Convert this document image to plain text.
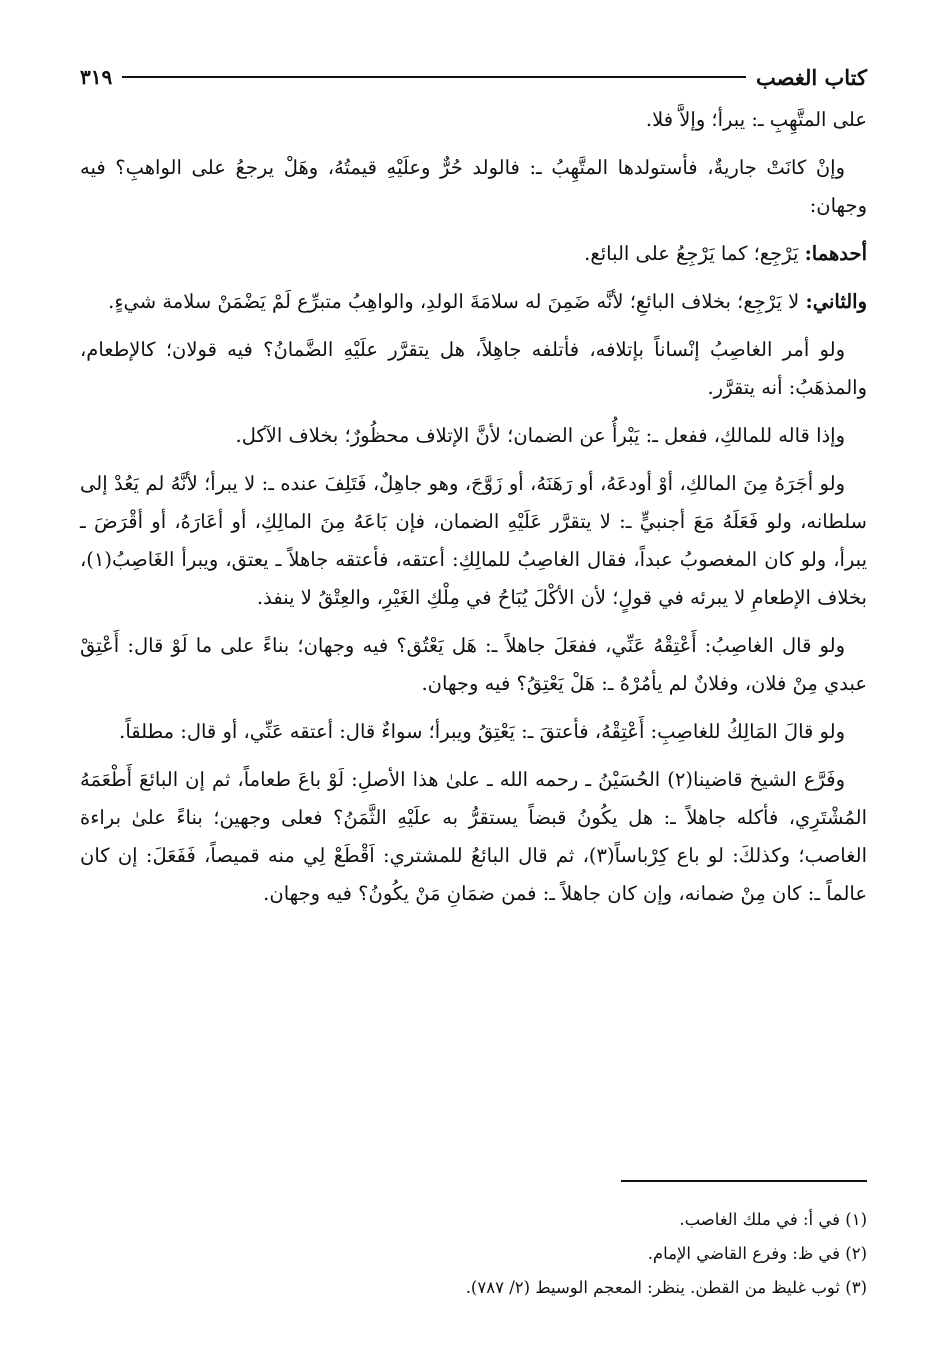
كتاب الغصب
٣١٩

على المتَّهِبِ ـ: يبرأ؛ وإلاَّ فلا.

وإنْ كانَتْ جاريةٌ، فأستولدها المتَّهِبُ ـ: فالولد حُرٌّ وعلَيْهِ قيمتُهُ، وهَلْ يرجعُ على الواهبِ؟ فيه وجهان:

أحدهما: يَرْجِع؛ كما يَرْجِعُ على البائع.

والثاني: لا يَرْجِع؛ بخلاف البائعِ؛ لأنَّه ضَمِنَ له سلامَةَ الولدِ، والواهِبُ متبرِّع لَمْ يَضْمَنْ سلامة شيءٍ.

ولو أمر الغاصِبُ إنْساناً بإتلافه، فأتلفه جاهِلاً، هل يتقرَّر علَيْهِ الضَّمانُ؟ فيه قولان؛ كالإطعام، والمذهَبُ: أنه يتقرَّر.

وإذا قاله للمالكِ، ففعل ـ: يَبْرأُ عن الضمان؛ لأنَّ الإتلاف محظُورٌ؛ بخلاف الآكل.

ولو أجَرَهُ مِنَ المالكِ، أوْ أودعَهُ، أو رَهَنَهُ، أو زَوَّجَ، وهو جاهِلٌ، فَتَلِفَ عنده ـ: لا يبرأ؛ لأنَّهُ لم يَعُدْ إلى سلطانه، ولو فَعَلَهُ مَعَ أجنبيٍّ ـ: لا يتقرَّر عَلَيْهِ الضمان، فإن بَاعَهُ مِنَ المالِكِ، أو أعَارَهُ، أو أقْرَضَ ـ يبرأ، ولو كان المغصوبُ عبداً، فقال الغاصِبُ للمالِكِ: أعتقه، فأعتقه جاهلاً ـ يعتق، ويبرأ الغَاصِبُ(١)، بخلاف الإطعامِ لا يبرئه في قولٍ؛ لأن الأكْلَ يُبَاحُ في مِلْكِ الغَيْرِ، والعِتْقُ لا ينفذ.

ولو قال الغاصِبُ: أَعْتِقْهُ عَنِّي، ففعَلَ جاهلاً ـ: هَل يَعْتُق؟ فيه وجهان؛ بناءً على ما لَوْ قال: أَعْتِقْ عبدي مِنْ فلان، وفلانٌ لم يأمُرْهُ ـ: هَلْ يَعْتِقُ؟ فيه وجهان.

ولو قالَ المَالِكُ للغاصِبِ: أَعْتِقْهُ، فأعتقَ ـ: يَعْتِقُ ويبرأ؛ سواءٌ قال: أعتقه عَنِّي، أو قال: مطلقاً.

وفَرَّع الشيخ قاضينا(٢) الحُسَيْنُ ـ رحمه الله ـ علىٰ هذا الأصلِ: لَوْ باعَ طعاماً، ثم إن البائعَ أَطْعَمَهُ المُشْتَرِي، فأكله جاهلاً ـ: هل يكُونُ قبضاً يستقرُّ به علَيْهِ الثَّمَنُ؟ فعلى وجهين؛ بناءً علىٰ براءة الغاصب؛ وكذلكَ: لو باع كِرْباساً(٣)، ثم قال البائعُ للمشتري: اَقْطَعْ لِي منه قميصاً، فَفَعَلَ: إن كان عالماً ـ: كان مِنْ ضمانه، وإن كان جاهلاً ـ: فمن ضمَانِ مَنْ يكُونُ؟ فيه وجهان.

(١) في أ: في ملك الغاصب.

(٢) في ظ: وفرع القاضي الإمام.

(٣) ثوب غليظ من القطن. ينظر: المعجم الوسيط (٢/ ٧٨٧).
